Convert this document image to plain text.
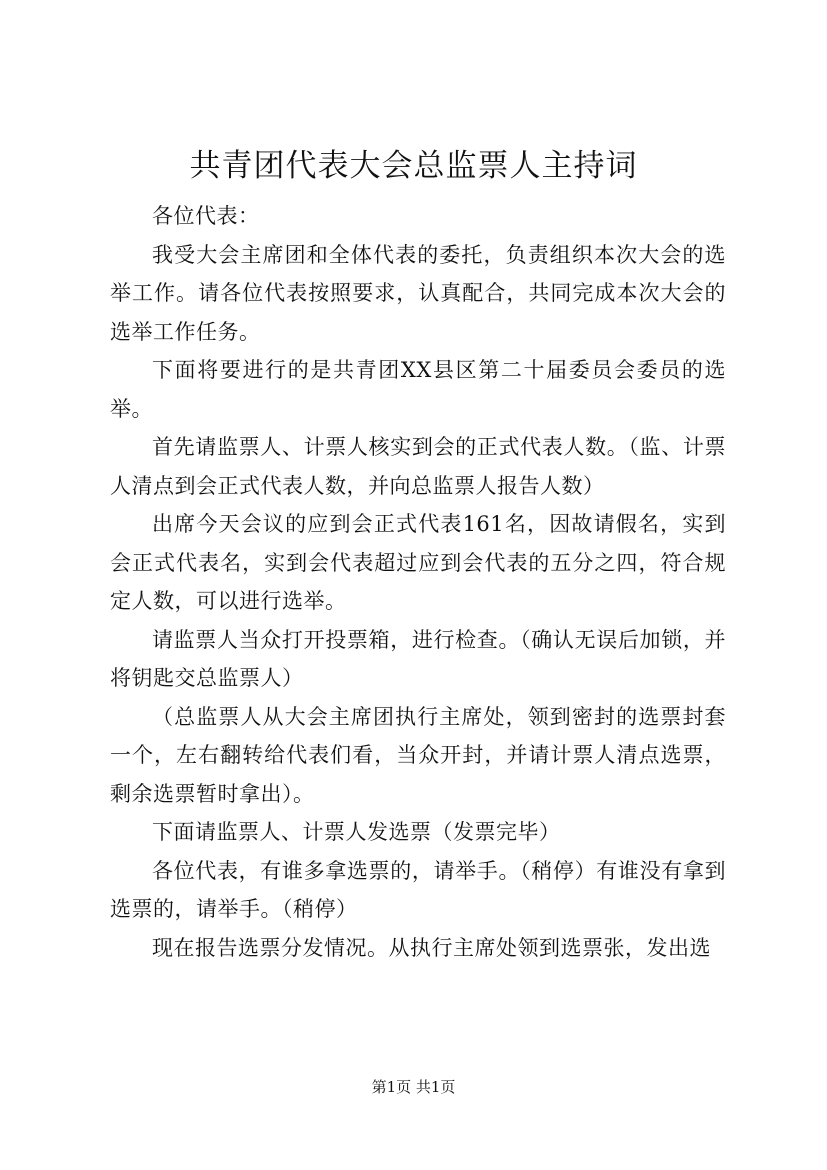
共青团代表大会总监票人主持词

各位代表：

我受大会主席团和全体代表的委托，负责组织本次大会的选举工作。请各位代表按照要求，认真配合，共同完成本次大会的选举工作任务。

下面将要进行的是共青团XX县区第二十届委员会委员的选举。

首先请监票人、计票人核实到会的正式代表人数。（监、计票人清点到会正式代表人数，并向总监票人报告人数）

出席今天会议的应到会正式代表161名，因故请假名，实到会正式代表名，实到会代表超过应到会代表的五分之四，符合规定人数，可以进行选举。

请监票人当众打开投票箱，进行检查。（确认无误后加锁，并将钥匙交总监票人）

（总监票人从大会主席团执行主席处，领到密封的选票封套一个，左右翻转给代表们看，当众开封，并请计票人清点选票，剩余选票暂时拿出）。

下面请监票人、计票人发选票（发票完毕）

各位代表，有谁多拿选票的，请举手。（稍停）有谁没有拿到选票的，请举手。（稍停）

现在报告选票分发情况。从执行主席处领到选票张，发出选

第1页 共1页
